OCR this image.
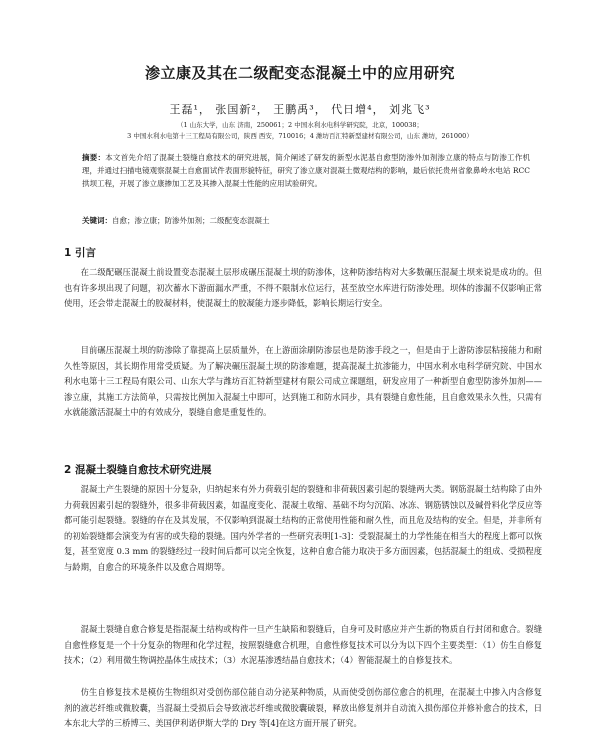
渗立康及其在二级配变态混凝土中的应用研究
王磊¹， 张国新²， 王鹏禹³， 代日增⁴， 刘兆飞³
（1 山东大学，山东 济南，250061；2 中国水利水电科学研究院，北京，100038；
3 中国水利水电第十三工程局有限公司，陕西 西安，710016；4 潍坊百汇特新型建材有限公司，山东 潍坊，261000）
摘要：本文首先介绍了混凝土裂缝自愈技术的研究进展，简介阐述了研发的新型水泥基自愈型防渗外加剂渗立康的特点与防渗工作机理，并通过扫描电镜观察混凝土自愈面试件表面形貌特征，研究了渗立康对混凝土微观结构的影响，最后依托贵州省象鼻岭水电站 RCC 拱坝工程，开展了渗立康掺加工艺及其掺入混凝土性能的应用试验研究。
关键词：自愈；渗立康；防渗外加剂；二级配变态混凝土
1 引言
在二级配碾压混凝土前设置变态混凝土层形成碾压混凝土坝的防渗体，这种防渗结构对大多数碾压混凝土坝来说是成功的。但也有许多坝出现了问题，初次蓄水下游面漏水严重，不得不限制水位运行，甚至放空水库进行防渗处理。坝体的渗漏不仅影响正常使用，还会带走混凝土的胶凝材料，使混凝土的胶凝能力逐步降低，影响长期运行安全。
目前碾压混凝土坝的防渗除了靠提高上层质量外，在上游面涂刷防渗层也是防渗手段之一，但是由于上游防渗层粘接能力和耐久性等原因，其长期作用常受质疑。为了解决碾压混凝土坝的防渗难题，提高混凝土抗渗能力，中国水利水电科学研究院、中国水利水电第十三工程局有限公司、山东大学与潍坊百汇特新型建材有限公司成立课题组，研发应用了一种新型自愈型防渗外加剂——渗立康，其施工方法简单，只需按比例加入混凝土中即可，达到施工和防水同步，具有裂缝自愈性能，且自愈效果永久性，只需有水就能激活混凝土中的有效成分，裂缝自愈是重复性的。
2 混凝土裂缝自愈技术研究进展
混凝土产生裂缝的原因十分复杂，归纳起来有外力荷载引起的裂缝和非荷载因素引起的裂缝两大类。钢筋混凝土结构除了由外力荷载因素引起的裂缝外，很多非荷载因素，如温度变化、混凝土收缩、基础不均匀沉陷、冰冻、钢筋锈蚀以及碱骨料化学反应等都可能引起裂缝。裂缝的存在及其发展，不仅影响到混凝土结构的正常使用性能和耐久性，而且危及结构的安全。但是，并非所有的初始裂缝都会演变为有害的或失稳的裂缝。国内外学者的一些研究表明[1-3]：受裂混凝土的力学性能在相当大的程度上都可以恢复，甚至宽度 0.3 mm 的裂缝经过一段时间后都可以完全恢复，这种自愈合能力取决于多方面因素，包括混凝土的组成、受损程度与龄期，自愈合的环境条件以及愈合周期等。
混凝土裂缝自愈合修复是指混凝土结构或构件一旦产生缺陷和裂缝后，自身可及时感应并产生新的物质自行封闭和愈合。裂缝自愈性修复是一个十分复杂的物理和化学过程，按照裂缝愈合机理，自愈性修复技术可以分为以下四个主要类型：（1）仿生自修复技术；（2）利用微生物调控晶体生成技术；（3）水泥基渗透结晶自愈技术；（4）智能混凝土的自修复技术。
仿生自修复技术是模仿生物组织对受创伤部位能自动分泌某种物质，从而使受创伤部位愈合的机理，在混凝土中掺入内含修复剂的液芯纤维或微胶囊，当混凝土受损后会导致液芯纤维或微胶囊破裂，释放出修复剂并自动流入损伤部位并修补愈合的技术，日本东北大学的三桥博三、美国伊利诺伊斯大学的 Dry 等[4]在这方面开展了研究。
